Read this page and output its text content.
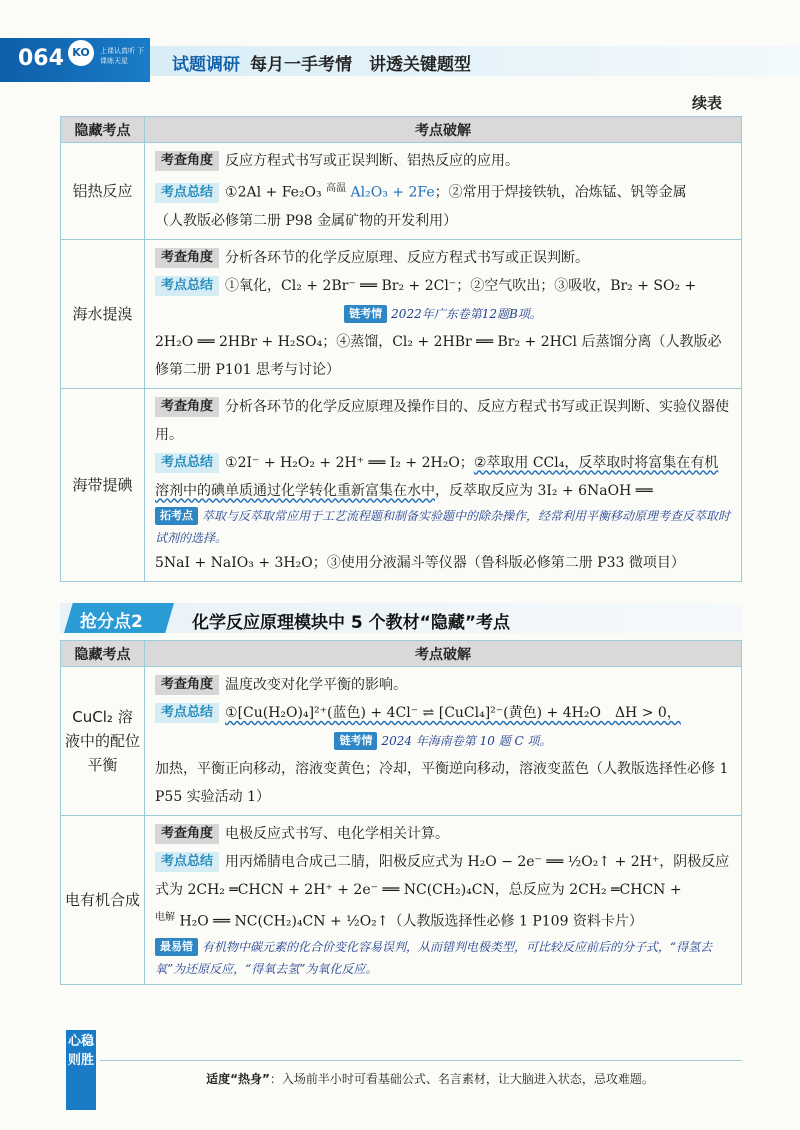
064 KO	上课认真听 下课练天星	试题调研 每月一手考情　讲透关键题型
续表
隐藏考点	考点破解
铝热反应	考查角度 反应方程式书写或正误判断、铝热反应的应用。
考点总结 ①2Al + Fe₂O₃ $^{高温}$ Al₂O₃ + 2Fe；②常用于焊接铁轨，冶炼锰、钒等金属
（人教版必修第二册 P98 金属矿物的开发利用）

海水提溴	考查角度 分析各环节的化学反应原理、反应方程式书写或正误判断。
考点总结 ①氧化，Cl₂ + 2Br⁻ ══ Br₂ + 2Cl⁻；②空气吹出；③吸收，Br₂ + SO₂ +
链考情 2022年广东卷第12题B项。
2H₂O ══ 2HBr + H₂SO₄；④蒸馏，Cl₂ + 2HBr ══ Br₂ + 2HCl 后蒸馏分离（人教版必修第二册 P101 思考与讨论）

海带提碘	考查角度 分析各环节的化学反应原理及操作目的、反应方程式书写或正误判断、实验仪器使用。
考点总结 ①2I⁻ + H₂O₂ + 2H⁺ ══ I₂ + 2H₂O；②萃取用 CCl₄，反萃取时将富集在有机溶剂中的碘单质通过化学转化重新富集在水中，反萃取反应为 3I₂ + 6NaOH ══
拓考点 萃取与反萃取常应用于工艺流程题和制备实验题中的除杂操作，经常利用平衡移动原理考查反萃取时试剂的选择。
5NaI + NaIO₃ + 3H₂O；③使用分液漏斗等仪器（鲁科版必修第二册 P33 微项目）
抢分点2	化学反应原理模块中 5 个教材“隐藏”考点
隐藏考点	考点破解
CuCl₂ 溶液中的配位平衡	考查角度 温度改变对化学平衡的影响。
考点总结 ①[Cu(H₂O)₄]²⁺(蓝色) + 4Cl⁻ ⇌ [CuCl₄]²⁻(黄色) + 4H₂O　ΔH > 0，
链考情 2024 年海南卷第 10 题 C 项。
加热，平衡正向移动，溶液变黄色；冷却，平衡逆向移动，溶液变蓝色（人教版选择性必修 1 P55 实验活动 1）

电有机合成	考查角度 电极反应式书写、电化学相关计算。
考点总结 用丙烯腈电合成己二腈，阳极反应式为 H₂O − 2e⁻ ══ ½O₂↑ + 2H⁺，阴极反应式为 2CH₂ ═CHCN + 2H⁺ + 2e⁻ ══ NC(CH₂)₄CN，总反应为 2CH₂ ═CHCN +
$^{电解}$ H₂O ══ NC(CH₂)₄CN + ½O₂↑（人教版选择性必修 1 P109 资料卡片）
最易错 有机物中碳元素的化合价变化容易误判，从而错判电极类型，可比较反应前后的分子式，“得氢去氧”为还原反应，“得氧去氢”为氧化反应。
心稳则胜
适度“热身”：入场前半小时可看基础公式、名言素材，让大脑进入状态，忌攻难题。
